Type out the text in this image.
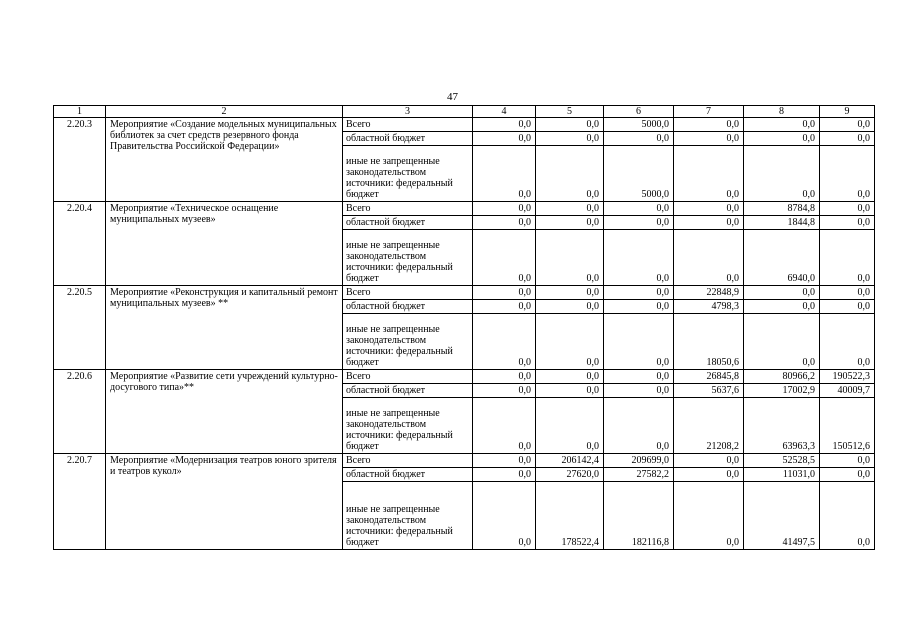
47
1	2	3	4	5	6	7	8	9
2.20.3	Мероприятие «Создание модельных муниципальных библиотек за счет средств резервного фонда Правительства Российской Федерации»	Всего	0,0	0,0	5000,0	0,0	0,0	0,0
		областной бюджет	0,0	0,0	0,0	0,0	0,0	0,0
		иные не запрещенные законодательством источники: федеральный бюджет	0,0	0,0	5000,0	0,0	0,0	0,0
2.20.4	Мероприятие «Техническое оснащение муниципальных музеев»	Всего	0,0	0,0	0,0	0,0	8784,8	0,0
		областной бюджет	0,0	0,0	0,0	0,0	1844,8	0,0
		иные не запрещенные законодательством источники: федеральный бюджет	0,0	0,0	0,0	0,0	6940,0	0,0
2.20.5	Мероприятие «Реконструкция и капитальный ремонт муниципальных музеев» **	Всего	0,0	0,0	0,0	22848,9	0,0	0,0
		областной бюджет	0,0	0,0	0,0	4798,3	0,0	0,0
		иные не запрещенные законодательством источники: федеральный бюджет	0,0	0,0	0,0	18050,6	0,0	0,0
2.20.6	Мероприятие «Развитие сети учреждений культурно-досугового типа»**	Всего	0,0	0,0	0,0	26845,8	80966,2	190522,3
		областной бюджет	0,0	0,0	0,0	5637,6	17002,9	40009,7
		иные не запрещенные законодательством источники: федеральный бюджет	0,0	0,0	0,0	21208,2	63963,3	150512,6
2.20.7	Мероприятие «Модернизация театров юного зрителя и театров кукол»	Всего	0,0	206142,4	209699,0	0,0	52528,5	0,0
		областной бюджет	0,0	27620,0	27582,2	0,0	11031,0	0,0
		иные не запрещенные законодательством источники: федеральный бюджет	0,0	178522,4	182116,8	0,0	41497,5	0,0
